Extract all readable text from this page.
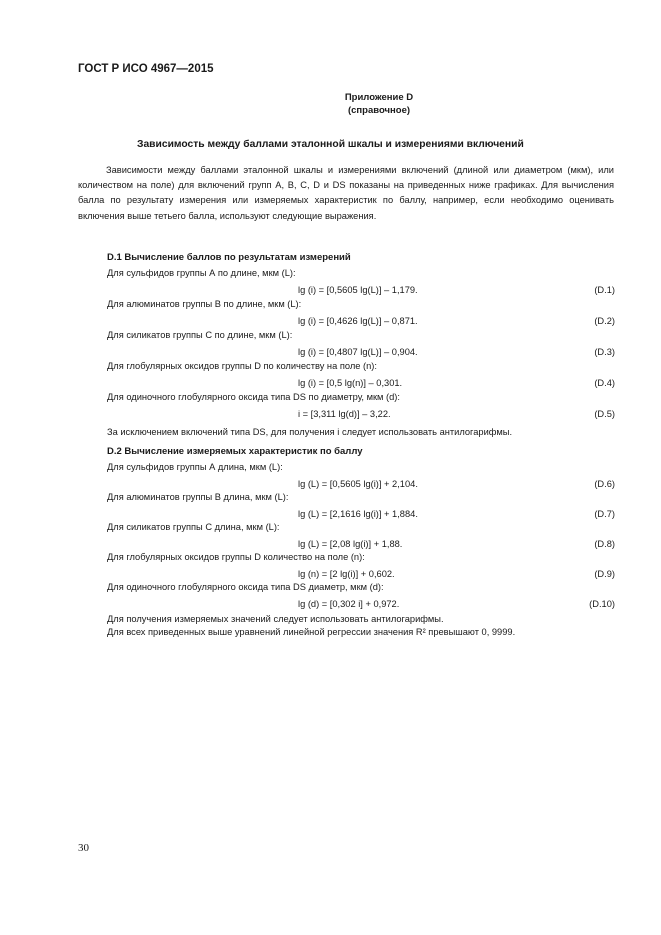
ГОСТ Р ИСО 4967—2015
Приложение D
(справочное)
Зависимость между баллами эталонной шкалы и измерениями включений
Зависимости между баллами эталонной шкалы и измерениями включений (длиной или диаметром (мкм), или количеством на поле) для включений групп A, B, C, D и DS показаны на приведенных ниже графиках. Для вычисления балла по результату измерения или измеряемых характеристик по баллу, например, если необходимо оценивать включения выше тетьего балла, используют следующие выражения.
D.1 Вычисление баллов по результатам измерений
Для сульфидов группы А по длине, мкм (L):
lg (i) = [0,5605 lg(L)] – 1,179.	(D.1)
Для алюминатов группы В по длине, мкм (L):
lg (i) = [0,4626 lg(L)] – 0,871.	(D.2)
Для силикатов группы С по длине, мкм (L):
lg (i) = [0,4807 lg(L)] – 0,904.	(D.3)
Для глобулярных оксидов группы D по количеству на поле (n):
lg (i) = [0,5 lg(n)] – 0,301.	(D.4)
Для одиночного глобулярного оксида типа DS по диаметру, мкм (d):
i = [3,311 lg(d)] – 3,22.	(D.5)
За исключением включений типа DS, для получения i следует использовать антилогарифмы.
D.2 Вычисление измеряемых характеристик по баллу
Для сульфидов группы А длина, мкм (L):
lg (L) = [0,5605 lg(i)] + 2,104.	(D.6)
Для алюминатов группы В длина, мкм (L):
lg (L) = [2,1616 lg(i)] + 1,884.	(D.7)
Для силикатов группы С длина, мкм (L):
lg (L) = [2,08 lg(i)] + 1,88.	(D.8)
Для глобулярных оксидов группы D количество на поле (n):
lg (n) = [2 lg(i)] + 0,602.	(D.9)
Для одиночного глобулярного оксида типа DS диаметр, мкм (d):
lg (d) = [0,302 i] + 0,972.	(D.10)
Для получения измеряемых значений следует использовать антилогарифмы.
Для всех приведенных выше уравнений линейной регрессии значения R² превышают 0, 9999.
30
